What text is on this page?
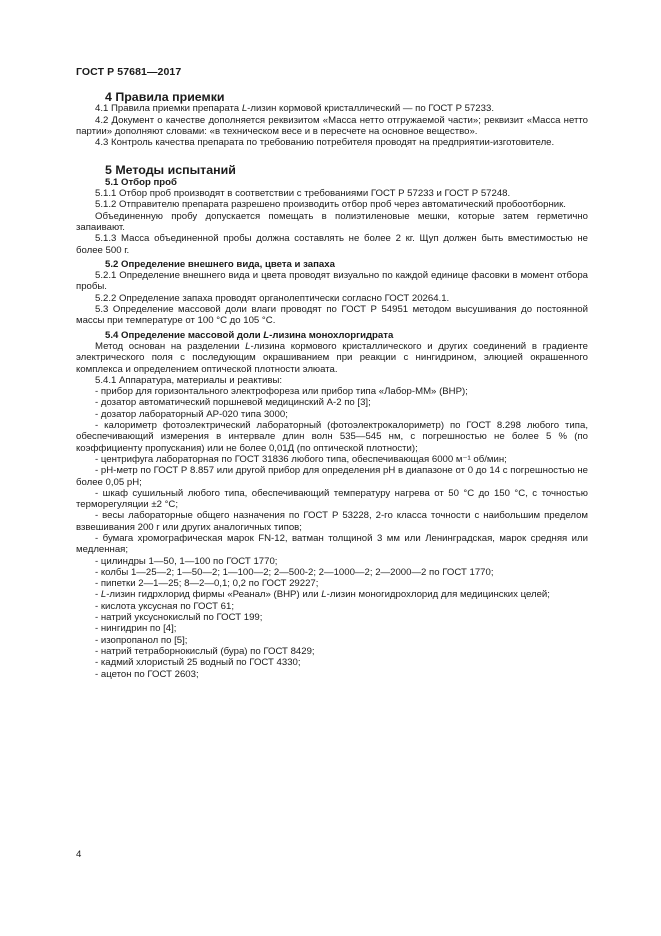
ГОСТ Р 57681—2017

4 Правила приемки

4.1 Правила приемки препарата L-лизин кормовой кристаллический — по ГОСТ Р 57233.

4.2 Документ о качестве дополняется реквизитом «Масса нетто отгружаемой части»; реквизит «Масса нетто партии» дополняют словами: «в техническом весе и в пересчете на основное вещество».

4.3 Контроль качества препарата по требованию потребителя проводят на предприятии-изготовителе.

5 Методы испытаний

5.1 Отбор проб

5.1.1 Отбор проб производят в соответствии с требованиями ГОСТ Р 57233 и ГОСТ Р 57248.

5.1.2 Отправителю препарата разрешено производить отбор проб через автоматический пробоотборник.

Объединенную пробу допускается помещать в полиэтиленовые мешки, которые затем герметично запаивают.

5.1.3 Масса объединенной пробы должна составлять не более 2 кг. Щуп должен быть вместимостью не более 500 г.

5.2 Определение внешнего вида, цвета и запаха

5.2.1 Определение внешнего вида и цвета проводят визуально по каждой единице фасовки в момент отбора пробы.

5.2.2 Определение запаха проводят органолептически согласно ГОСТ 20264.1.

5.3 Определение массовой доли влаги проводят по ГОСТ Р 54951 методом высушивания до постоянной массы при температуре от 100 °С до 105 °С.

5.4 Определение массовой доли L-лизина монохлоргидрата

Метод основан на разделении L-лизина кормового кристаллического и других соединений в градиенте электрического поля с последующим окрашиванием при реакции с нингидрином, элюцией окрашенного комплекса и определением оптической плотности элюата.

5.4.1 Аппаратура, материалы и реактивы:

- прибор для горизонтального электрофореза или прибор типа «Лабор-ММ» (ВНР);

- дозатор автоматический поршневой медицинский А-2 по [3];

- дозатор лабораторный АР-020 типа 3000;

- калориметр фотоэлектрический лабораторный (фотоэлектрокалориметр) по ГОСТ 8.298 любого типа, обеспечивающий измерения в интервале длин волн 535—545 нм, с погрешностью не более 5 % (по коэффициенту пропускания) или не более 0,01Д (по оптической плотности);

- центрифуга лабораторная по ГОСТ 31836 любого типа, обеспечивающая 6000 м⁻¹ об/мин;

- рН-метр по ГОСТ Р 8.857 или другой прибор для определения рН в диапазоне от 0 до 14 с погрешностью не более 0,05 рН;

- шкаф сушильный любого типа, обеспечивающий температуру нагрева от 50 °С до 150 °С, с точностью терморегуляции ±2 °С;

- весы лабораторные общего назначения по ГОСТ Р 53228, 2-го класса точности с наибольшим пределом взвешивания 200 г или других аналогичных типов;

- бумага хромографическая марок FN-12, ватман толщиной 3 мм или Ленинградская, марок средняя или медленная;

- цилиндры 1—50, 1—100 по ГОСТ 1770;

- колбы 1—25—2; 1—50—2; 1—100—2; 2—500-2; 2—1000—2; 2—2000—2 по ГОСТ 1770;

- пипетки 2—1—25; 8—2—0,1; 0,2 по ГОСТ 29227;

- L-лизин гидрхлорид фирмы «Реанал» (ВНР) или L-лизин моногидрохлорид для медицинских целей;

- кислота уксусная по ГОСТ 61;

- натрий уксуснокислый по ГОСТ 199;

- нингидрин по [4];

- изопропанол по [5];

- натрий тетраборнокислый (бура) по ГОСТ 8429;

- кадмий хлористый 25 водный по ГОСТ 4330;

- ацетон по ГОСТ 2603;

4
